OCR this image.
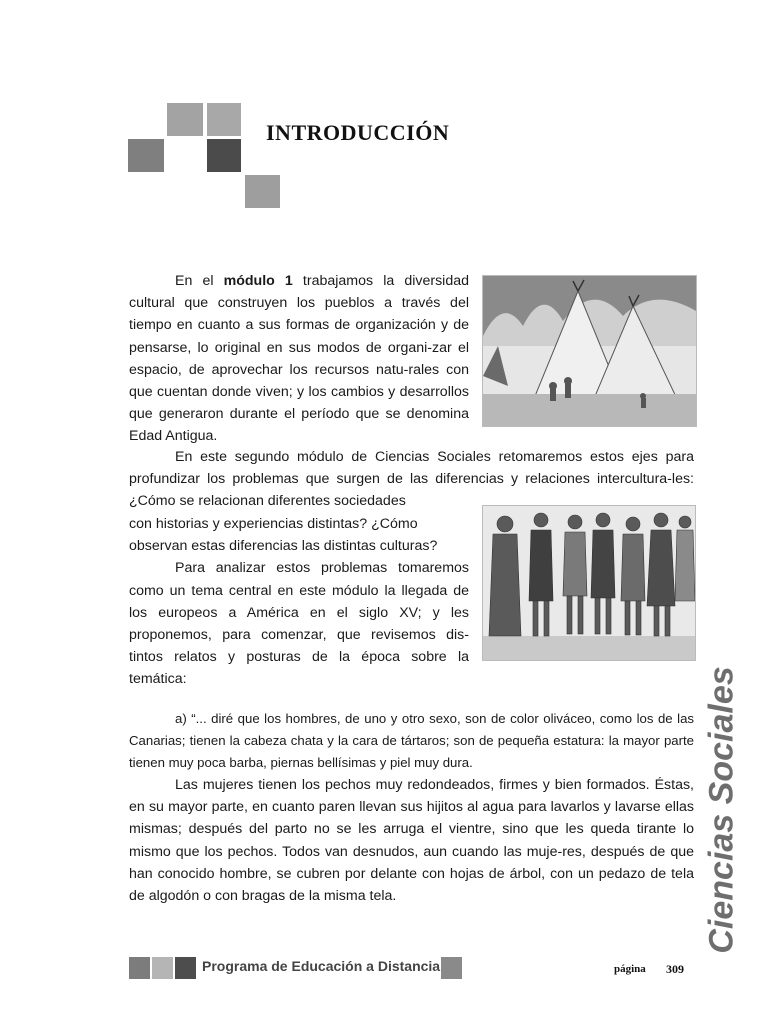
INTRODUCCIÓN

En el módulo 1 trabajamos la diversidad cultural que construyen los pueblos a través del tiempo en cuanto a sus formas de organización y de pensarse, lo original en sus modos de organi-zar el espacio, de aprovechar los recursos natu-rales con que cuentan donde viven; y los cambios y desarrollos que generaron durante el período que se denomina Edad Antigua.

En este segundo módulo de Ciencias Sociales retomaremos estos ejes para profundizar los problemas que surgen de las diferencias y relaciones intercultura-les: ¿Cómo se relacionan diferentes sociedades

con historias y experiencias distintas? ¿Cómo observan estas diferencias las distintas culturas?

Para analizar estos problemas tomaremos como un tema central en este módulo la llegada de los europeos a América en el siglo XV; y les proponemos, para comenzar, que revisemos dis-tintos relatos y posturas de la época sobre la temática:

a) “... diré que los hombres, de uno y otro sexo, son de color oliváceo, como los de las Canarias; tienen la cabeza chata y la cara de tártaros; son de pequeña estatura: la mayor parte tienen muy poca barba, piernas bellísimas y piel muy dura.

Las mujeres tienen los pechos muy redondeados, firmes y bien formados. Éstas, en su mayor parte, en cuanto paren llevan sus hijitos al agua para lavarlos y lavarse ellas mismas; después del parto no se les arruga el vientre, sino que les queda tirante lo mismo que los pechos. Todos van desnudos, aun cuando las muje-res, después de que han conocido hombre, se cubren por delante con hojas de árbol, con un pedazo de tela de algodón o con bragas de la misma tela.	Ciencias Sociales
Programa de Educación a Distancia	página 309
